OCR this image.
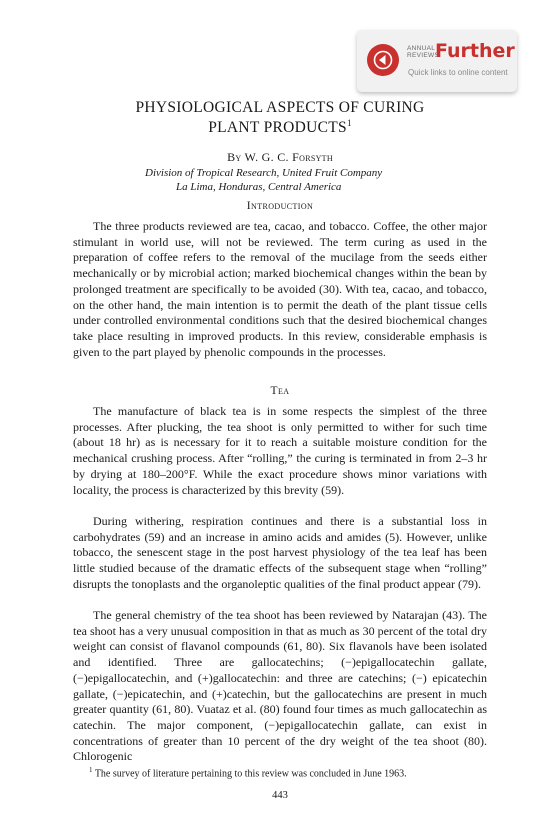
ANNUAL
REVIEWS
Further
Quick links to online content
PHYSIOLOGICAL ASPECTS OF CURING
PLANT PRODUCTS$^1$
By W. G. C. Forsyth
Division of Tropical Research, United Fruit Company
La Lima, Honduras, Central America
Introduction

The three products reviewed are tea, cacao, and tobacco. Coffee, the other major stimulant in world use, will not be reviewed. The term curing as used in the preparation of coffee refers to the removal of the mucilage from the seeds either mechanically or by microbial action; marked biochemical changes within the bean by prolonged treatment are specifically to be avoided (30). With tea, cacao, and tobacco, on the other hand, the main intention is to permit the death of the plant tissue cells under controlled environmental conditions such that the desired biochemical changes take place resulting in improved products. In this review, considerable emphasis is given to the part played by phenolic compounds in the processes.

Tea

The manufacture of black tea is in some respects the simplest of the three processes. After plucking, the tea shoot is only permitted to wither for such time (about 18 hr) as is necessary for it to reach a suitable moisture condition for the mechanical crushing process. After “rolling,” the curing is terminated in from 2–3 hr by drying at 180–200°F. While the exact procedure shows minor variations with locality, the process is characterized by this brevity (59).

During withering, respiration continues and there is a substantial loss in carbohydrates (59) and an increase in amino acids and amides (5). However, unlike tobacco, the senescent stage in the post harvest physiology of the tea leaf has been little studied because of the dramatic effects of the subsequent stage when “rolling” disrupts the tonoplasts and the organoleptic qualities of the final product appear (79).

The general chemistry of the tea shoot has been reviewed by Natarajan (43). The tea shoot has a very unusual composition in that as much as 30 percent of the total dry weight can consist of flavanol compounds (61, 80). Six flavanols have been isolated and identified. Three are gallocatechins; (−)epigallocatechin gallate, (−)epigallocatechin, and (+)gallocatechin: and three are catechins; (−) epicatechin gallate, (−)epicatechin, and (+)catechin, but the gallocatechins are present in much greater quantity (61, 80). Vuataz et al. (80) found four times as much gallocatechin as catechin. The major component, (−)epigallocatechin gallate, can exist in concentrations of greater than 10 percent of the dry weight of the tea shoot (80). Chlorogenic

$^1$ The survey of literature pertaining to this review was concluded in June 1963.
443
